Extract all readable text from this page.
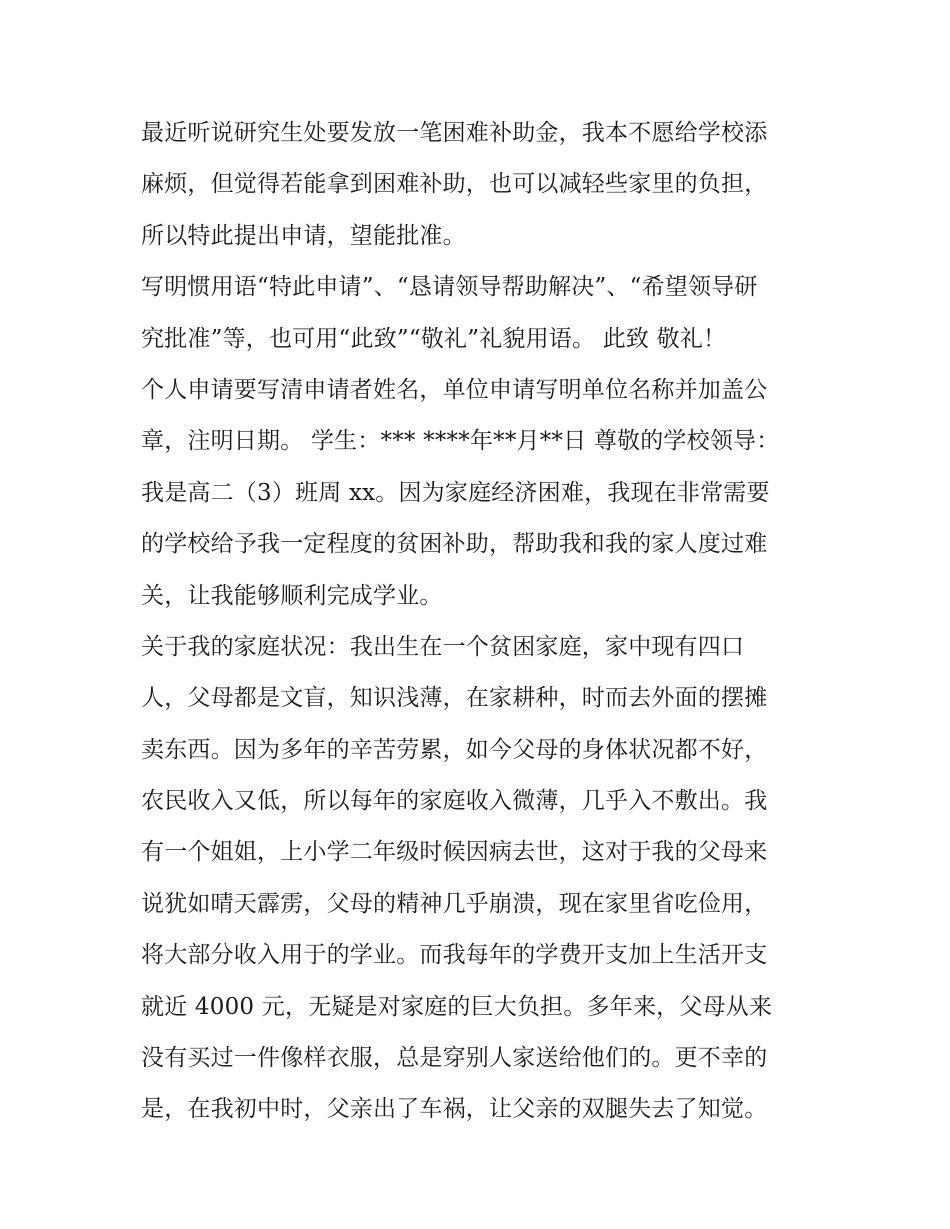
最近听说研究生处要发放一笔困难补助金，我本不愿给学校添
麻烦，但觉得若能拿到困难补助，也可以减轻些家里的负担，
所以特此提出申请，望能批准。
写明惯用语“特此申请”、“恳请领导帮助解决”、“希望领导研
究批准”等，也可用“此致”“敬礼”礼貌用语。 此致 敬礼！
个人申请要写清申请者姓名，单位申请写明单位名称并加盖公
章，注明日期。 学生：*** ****年**月**日 尊敬的学校领导：
我是高二（3）班周 xx。因为家庭经济困难，我现在非常需要
的学校给予我一定程度的贫困补助，帮助我和我的家人度过难
关，让我能够顺利完成学业。
关于我的家庭状况：我出生在一个贫困家庭，家中现有四口
人，父母都是文盲，知识浅薄，在家耕种，时而去外面的摆摊
卖东西。因为多年的辛苦劳累，如今父母的身体状况都不好，
农民收入又低，所以每年的家庭收入微薄，几乎入不敷出。我
有一个姐姐，上小学二年级时候因病去世，这对于我的父母来
说犹如晴天霹雳，父母的精神几乎崩溃，现在家里省吃俭用，
将大部分收入用于的学业。而我每年的学费开支加上生活开支
就近 4000 元，无疑是对家庭的巨大负担。多年来，父母从来
没有买过一件像样衣服，总是穿别人家送给他们的。更不幸的
是，在我初中时，父亲出了车祸，让父亲的双腿失去了知觉。
